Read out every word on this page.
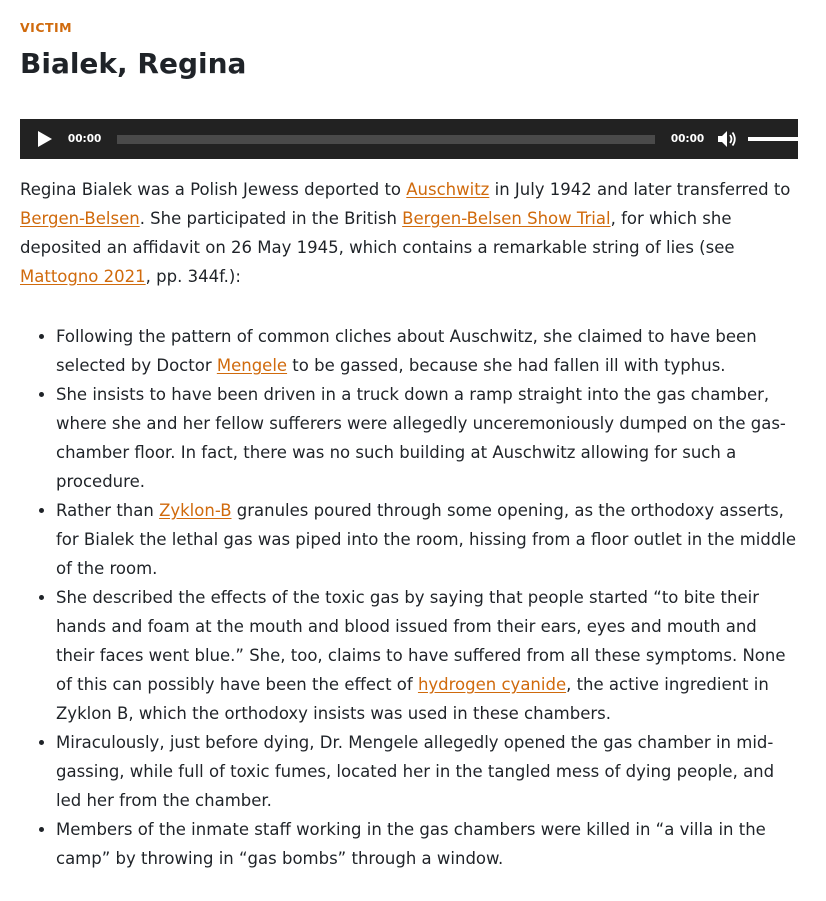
VICTIM
Bialek, Regina
00:00	00:00

Regina Bialek was a Polish Jewess deported to Auschwitz in July 1942 and later transferred to Bergen-Belsen. She participated in the British Bergen-Belsen Show Trial, for which she deposited an affidavit on 26 May 1945, which contains a remarkable string of lies (see Mattogno 2021, pp. 344f.):

• Following the pattern of common cliches about Auschwitz, she claimed to have been selected by Doctor Mengele to be gassed, because she had fallen ill with typhus.
• She insists to have been driven in a truck down a ramp straight into the gas chamber, where she and her fellow sufferers were allegedly unceremoniously dumped on the gas-chamber floor. In fact, there was no such building at Auschwitz allowing for such a procedure.
• Rather than Zyklon-B granules poured through some opening, as the orthodoxy asserts, for Bialek the lethal gas was piped into the room, hissing from a floor outlet in the middle of the room.
• She described the effects of the toxic gas by saying that people started “to bite their hands and foam at the mouth and blood issued from their ears, eyes and mouth and their faces went blue.” She, too, claims to have suffered from all these symptoms. None of this can possibly have been the effect of hydrogen cyanide, the active ingredient in Zyklon B, which the orthodoxy insists was used in these chambers.
• Miraculously, just before dying, Dr. Mengele allegedly opened the gas chamber in mid-gassing, while full of toxic fumes, located her in the tangled mess of dying people, and led her from the chamber.
• Members of the inmate staff working in the gas chambers were killed in “a villa in the camp” by throwing in “gas bombs” through a window.
